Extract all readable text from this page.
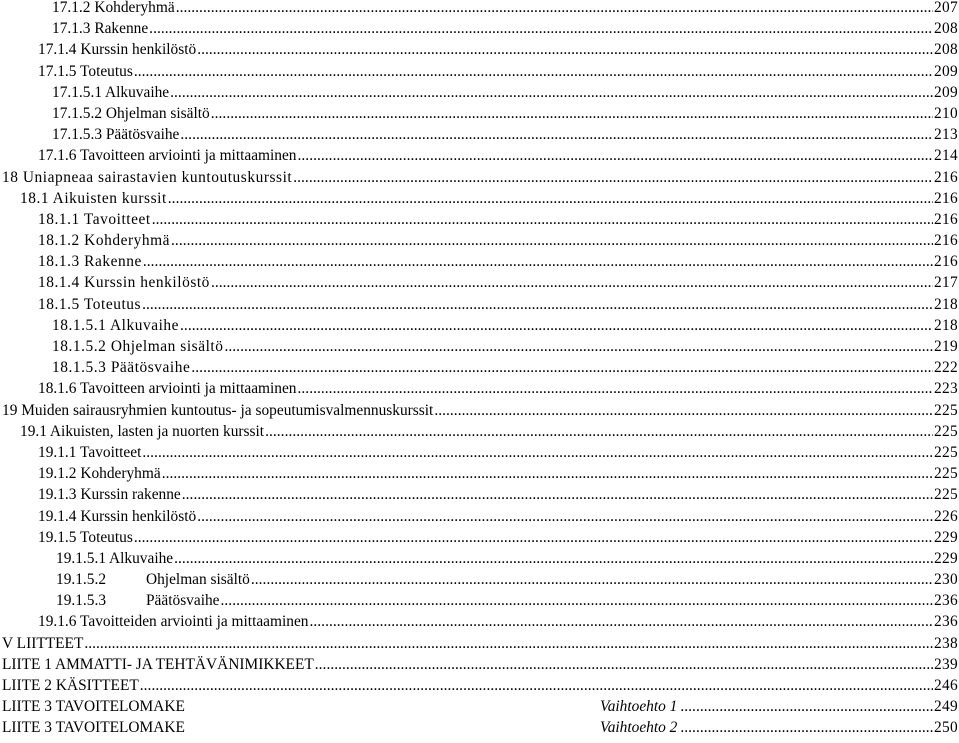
17.1.2 Kohderyhmä . . .	207
17.1.3 Rakenne . . .	208
17.1.4 Kurssin henkilöstö . . .	208
17.1.5 Toteutus . . .	209
17.1.5.1 Alkuvaihe . . .	209
17.1.5.2 Ohjelman sisältö . . .	210
17.1.5.3 Päätösvaihe . . .	213
17.1.6 Tavoitteen arviointi ja mittaaminen . . .	214
18 Uniapneaa sairastavien kuntoutuskurssit . . .	216
18.1 Aikuisten kurssit . . .	216
18.1.1 Tavoitteet . . .	216
18.1.2 Kohderyhmä . . .	216
18.1.3 Rakenne . . .	216
18.1.4 Kurssin henkilöstö . . .	217
18.1.5 Toteutus . . .	218
18.1.5.1 Alkuvaihe . . .	218
18.1.5.2 Ohjelman sisältö . . .	219
18.1.5.3 Päätösvaihe . . .	222
18.1.6 Tavoitteen arviointi ja mittaaminen . . .	223
19 Muiden sairausryhmien kuntoutus- ja sopeutumisvalmennuskurssit . . .	225
19.1 Aikuisten, lasten ja nuorten kurssit . . .	225
19.1.1 Tavoitteet . . .	225
19.1.2 Kohderyhmä . . .	225
19.1.3 Kurssin rakenne . . .	225
19.1.4 Kurssin henkilöstö . . .	226
19.1.5 Toteutus . . .	229
19.1.5.1 Alkuvaihe . . .	229
19.1.5.2	Ohjelman sisältö . . .	230
19.1.5.3	Päätösvaihe . . .	236
19.1.6 Tavoitteiden arviointi ja mittaaminen . . .	236
V LIITTEET . . .	238
LIITE 1 AMMATTI- JA TEHTÄVÄNIMIKKEET . . .	239
LIITE 2 KÄSITTEET . . .	246
LIITE 3 TAVOITELOMAKE	Vaihtoehto 1 . . .	249
LIITE 3 TAVOITELOMAKE	Vaihtoehto 2 . . .	250
